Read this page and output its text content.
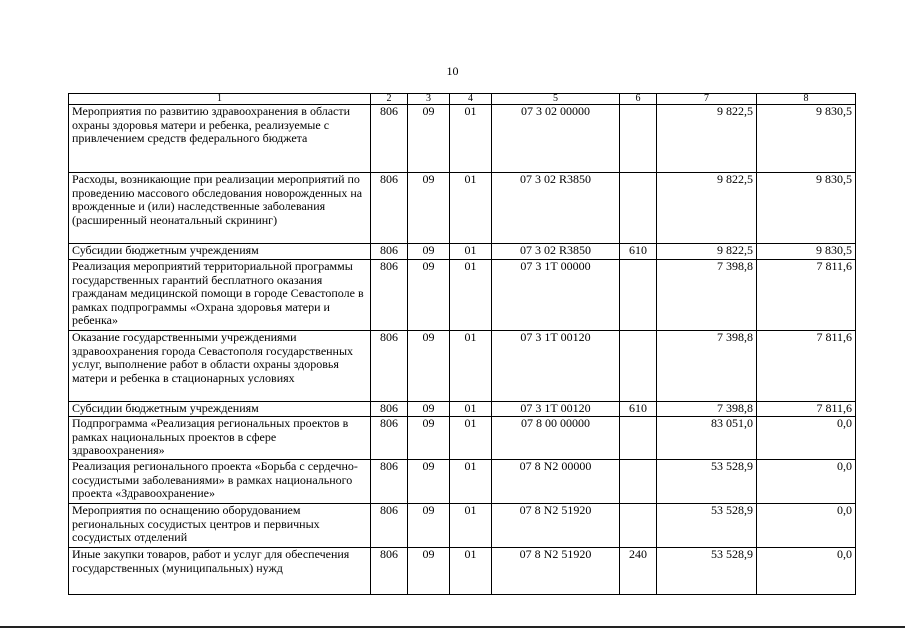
10
1	2	3	4	5	6	7	8
Мероприятия по развитию здравоохранения в области охраны здоровья матери и ребенка, реализуемые с привлечением средств федерального бюджета	806	09	01	07 3 02 00000		9 822,5	9 830,5
Расходы, возникающие при реализации мероприятий по проведению массового обследования новорожденных на врожденные и (или) наследственные заболевания (расширенный неонатальный скрининг)	806	09	01	07 3 02 R3850		9 822,5	9 830,5
Субсидии бюджетным учреждениям	806	09	01	07 3 02 R3850	610	9 822,5	9 830,5
Реализация мероприятий территориальной программы государственных гарантий бесплатного оказания гражданам медицинской помощи в городе Севастополе в рамках подпрограммы «Охрана здоровья матери и ребенка»	806	09	01	07 3 1Т 00000		7 398,8	7 811,6
Оказание государственными учреждениями здравоохранения города Севастополя государственных услуг, выполнение работ в области охраны здоровья матери и ребенка в стационарных условиях	806	09	01	07 3 1Т 00120		7 398,8	7 811,6
Субсидии бюджетным учреждениям	806	09	01	07 3 1Т 00120	610	7 398,8	7 811,6
Подпрограмма «Реализация региональных проектов в рамках национальных проектов в сфере здравоохранения»	806	09	01	07 8 00 00000		83 051,0	0,0
Реализация регионального проекта «Борьба с сердечно-сосудистыми заболеваниями» в рамках национального проекта «Здравоохранение»	806	09	01	07 8 N2 00000		53 528,9	0,0
Мероприятия по оснащению оборудованием региональных сосудистых центров и первичных сосудистых отделений	806	09	01	07 8 N2 51920		53 528,9	0,0
Иные закупки товаров, работ и услуг для обеспечения государственных (муниципальных) нужд	806	09	01	07 8 N2 51920	240	53 528,9	0,0
